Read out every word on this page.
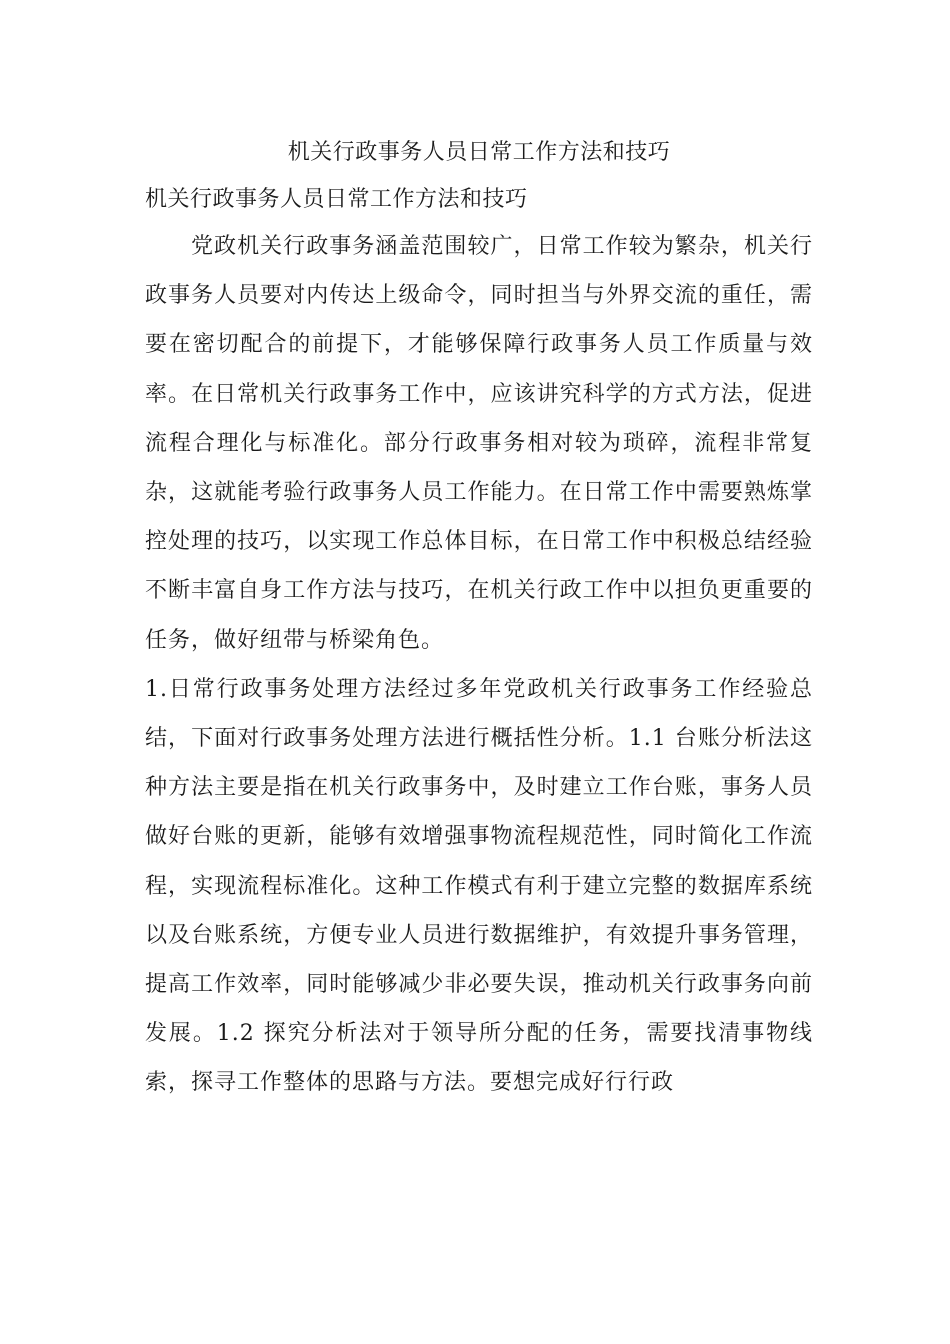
机关行政事务人员日常工作方法和技巧
机关行政事务人员日常工作方法和技巧

党政机关行政事务涵盖范围较广，日常工作较为繁杂，机关行政事务人员要对内传达上级命令，同时担当与外界交流的重任，需要在密切配合的前提下，才能够保障行政事务人员工作质量与效率。在日常机关行政事务工作中，应该讲究科学的方式方法，促进流程合理化与标准化。部分行政事务相对较为琐碎，流程非常复杂，这就能考验行政事务人员工作能力。在日常工作中需要熟炼掌控处理的技巧，以实现工作总体目标，在日常工作中积极总结经验不断丰富自身工作方法与技巧，在机关行政工作中以担负更重要的任务，做好纽带与桥梁角色。

1.日常行政事务处理方法经过多年党政机关行政事务工作经验总结，下面对行政事务处理方法进行概括性分析。1.1 台账分析法这种方法主要是指在机关行政事务中，及时建立工作台账，事务人员做好台账的更新，能够有效增强事物流程规范性，同时简化工作流程，实现流程标准化。这种工作模式有利于建立完整的数据库系统以及台账系统，方便专业人员进行数据维护，有效提升事务管理，提高工作效率，同时能够减少非必要失误，推动机关行政事务向前发展。1.2 探究分析法对于领导所分配的任务，需要找清事物线索，探寻工作整体的思路与方法。要想完成好行行政
